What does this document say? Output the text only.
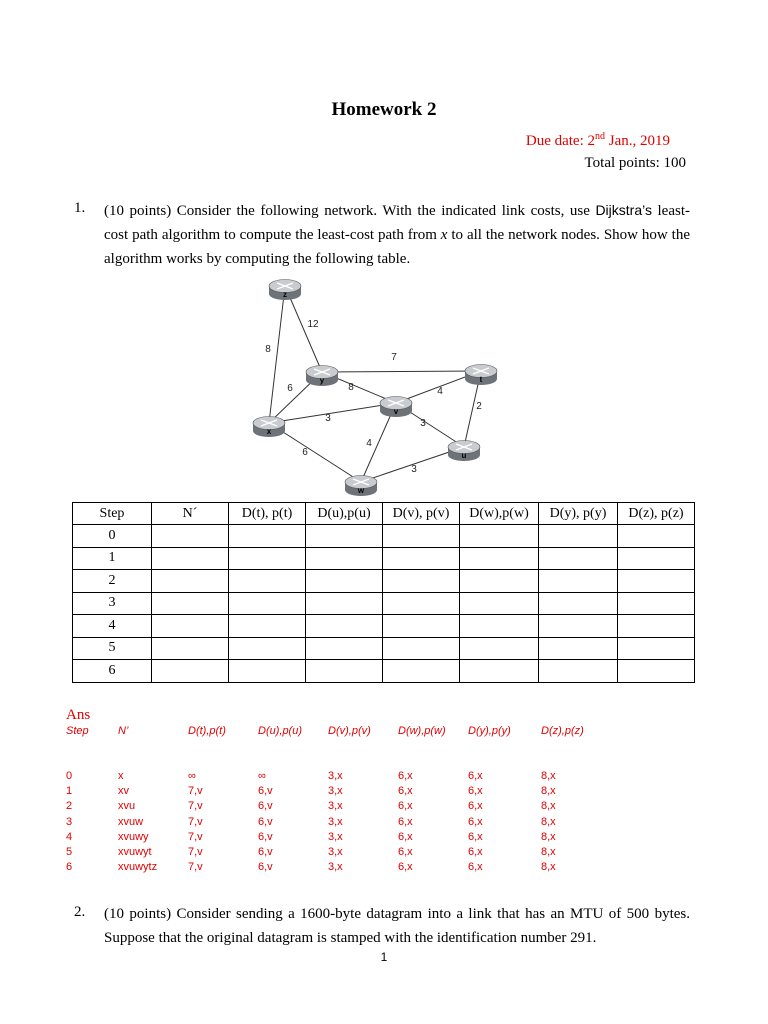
Homework 2
Due date: 2nd Jan., 2019
Total points: 100
1. (10 points) Consider the following network. With the indicated link costs, use Dijkstra’s least-cost path algorithm to compute the least-cost path from x to all the network nodes. Show how the algorithm works by computing the following table.
8
12
7
6	8
3
4
2
3
4
6
3
z
y	t
v
x
u
w
Step	N´	D(t), p(t)	D(u),p(u)	D(v), p(v)	D(w),p(w)	D(y), p(y)	D(z), p(z)
0							
1							
2							
3							
4							
5							
6							
Ans
Step	N’	D(t),p(t)	D(u),p(u) D(v),p(v) D(w),p(w) D(y),p(y)	D(z),p(z)
0	x	∞	∞	3,x	6,x	6,x	8,x
1	xv	7,v	6,v	3,x	6,x	6,x	8,x
2	xvu	7,v	6,v	3,x	6,x	6,x	8,x
3	xvuw	7,v	6,v	3,x	6,x	6,x	8,x
4	xvuwy	7,v	6,v	3,x	6,x	6,x	8,x
5	xvuwyt	7,v	6,v	3,x	6,x	6,x	8,x
6	xvuwytz	7,v	6,v	3,x	6,x	6,x	8,x
2. (10 points) Consider sending a 1600-byte datagram into a link that has an MTU of 500 bytes. Suppose that the original datagram is stamped with the identification number 291.
1
